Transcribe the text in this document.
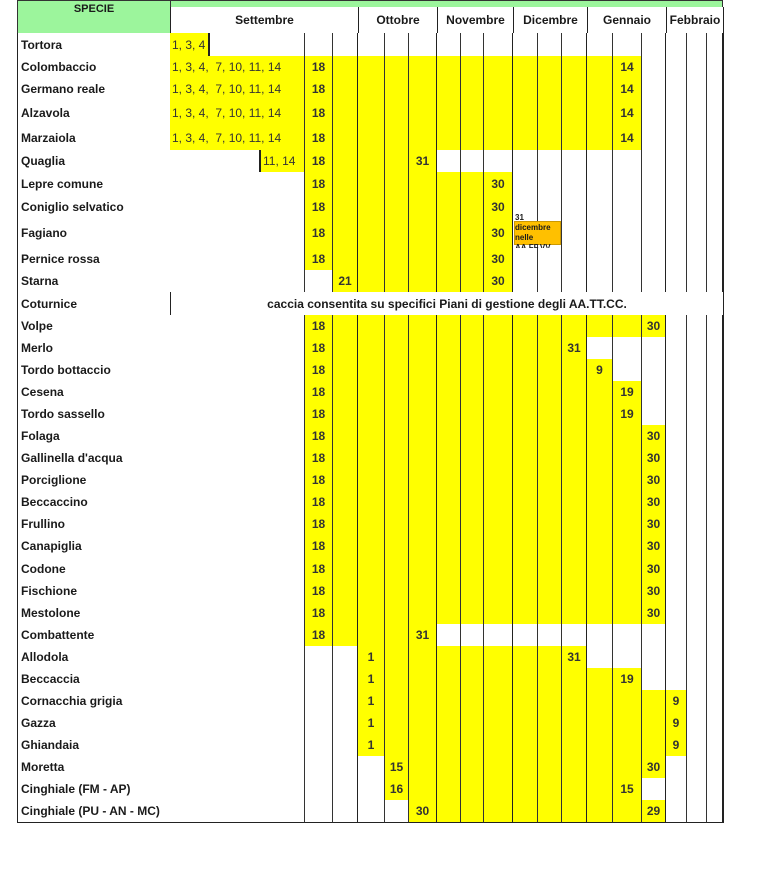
SPECIE
Settembre	Ottobre	Novembre	Dicembre	Gennaio	Febbraio
Tortora	1, 3, 4
Colombaccio	1, 3, 4,  7, 10, 11, 14	18	14
Germano reale	1, 3, 4,  7, 10, 11, 14	18	14
Alzavola	1, 3, 4,  7, 10, 11, 14	18	14
Marzaiola	1, 3, 4,  7, 10, 11, 14	18	14
Quaglia	11, 14	18	31
Lepre comune	18	30
Coniglio selvatico	18	30
Fagiano	18	30
31 dicembre
nelle
Pernice rossa	18	30
Starna	21	30
Coturnice	caccia consentita su specifici Piani di gestione degli AA.TT.CC.
Volpe	18	30
Merlo	18	31
Tordo bottaccio	18	9
Cesena	18	19
Tordo sassello	18	19
Folaga	18	30
Gallinella d'acqua	18	30
Porciglione	18	30
Beccaccino	18	30
Frullino	18	30
Canapiglia	18	30
Codone	18	30
Fischione	18	30
Mestolone	18	30
Combattente	18	31
Allodola	1	31
Beccaccia	1	19
Cornacchia grigia	1	9
Gazza	1	9
Ghiandaia	1	9
Moretta	15	30
Cinghiale (FM - AP)	16	15
Cinghiale (PU - AN - MC)	30	29
